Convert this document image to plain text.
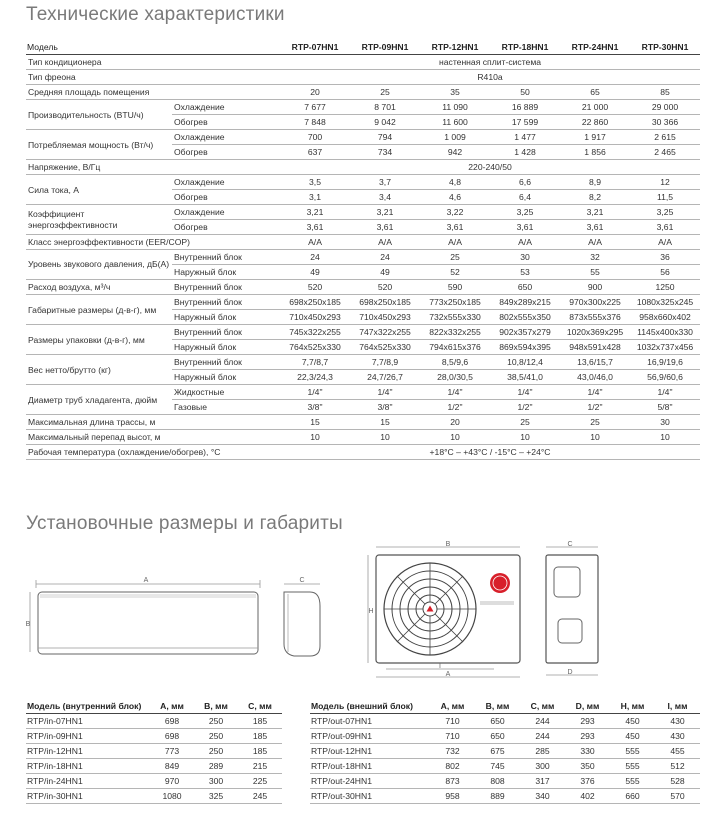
Технические характеристики
Модель		RTP-07HN1	RTP-09HN1	RTP-12HN1	RTP-18HN1	RTP-24HN1	RTP-30HN1
Тип кондиционера		настенная сплит-система					
Тип фреона		R410a					
Средняя площадь помещения		20	25	35	50	65	85
Производительность (BTU/ч)	Охлаждение	7 677	8 701	11 090	16 889	21 000	29 000
	Обогрев	7 848	9 042	11 600	17 599	22 860	30 366
Потребляемая мощность (Вт/ч)	Охлаждение	700	794	1 009	1 477	1 917	2 615
	Обогрев	637	734	942	1 428	1 856	2 465
Напряжение, В/Гц		220-240/50					
Сила тока, А	Охлаждение	3,5	3,7	4,8	6,6	8,9	12
	Обогрев	3,1	3,4	4,6	6,4	8,2	11,5
Коэффициент энергоэффективности	Охлаждение	3,21	3,21	3,22	3,25	3,21	3,25
	Обогрев	3,61	3,61	3,61	3,61	3,61	3,61
Класс энергоэффективности (EER/COP)		A/A	A/A	A/A	A/A	A/A	A/A
Уровень звукового давления, дБ(А)	Внутренний блок	24	24	25	30	32	36
	Наружный блок	49	49	52	53	55	56
Расход воздуха, м³/ч	Внутренний блок	520	520	590	650	900	1250
Габаритные размеры (д-в-г), мм	Внутренний блок	698x250x185	698x250x185	773x250x185	849x289x215	970x300x225	1080x325x245
	Наружный блок	710x450x293	710x450x293	732x555x330	802x555x350	873x555x376	958x660x402
Размеры упаковки (д-в-г), мм	Внутренний блок	745x322x255	747x322x255	822x332x255	902x357x279	1020x369x295	1145x400x330
	Наружный блок	764x525x330	764x525x330	794x615x376	869x594x395	948x591x428	1032x737x456
Вес нетто/брутто (кг)	Внутренний блок	7,7/8,7	7,7/8,9	8,5/9,6	10,8/12,4	13,6/15,7	16,9/19,6
	Наружный блок	22,3/24,3	24,7/26,7	28,0/30,5	38,5/41,0	43,0/46,0	56,9/60,6
Диаметр труб хладагента, дюйм	Жидкостные	1/4"	1/4"	1/4"	1/4"	1/4"	1/4"
	Газовые	3/8"	3/8"	1/2"	1/2"	1/2"	5/8"
Максимальная длина трассы, м		15	15	20	25	25	30
Максимальный перепад высот, м		10	10	10	10	10	10
Рабочая температура (охлаждение/обогрев), °С		+18°C – +43°C / -15°C – +24°C					
Установочные размеры и габариты
A
B
C
B
H
I
A
C
D
Модель (внутренний блок)	A, мм	B, мм	C, мм
RTP/in-07HN1	698	250	185
RTP/in-09HN1	698	250	185
RTP/in-12HN1	773	250	185
RTP/in-18HN1	849	289	215
RTP/in-24HN1	970	300	225
RTP/in-30HN1	1080	325	245
Модель (внешний блок)	A, мм	B, мм	C, мм	D, мм	H, мм	I, мм
RTP/out-07HN1	710	650	244	293	450	430
RTP/out-09HN1	710	650	244	293	450	430
RTP/out-12HN1	732	675	285	330	555	455
RTP/out-18HN1	802	745	300	350	555	512
RTP/out-24HN1	873	808	317	376	555	528
RTP/out-30HN1	958	889	340	402	660	570
